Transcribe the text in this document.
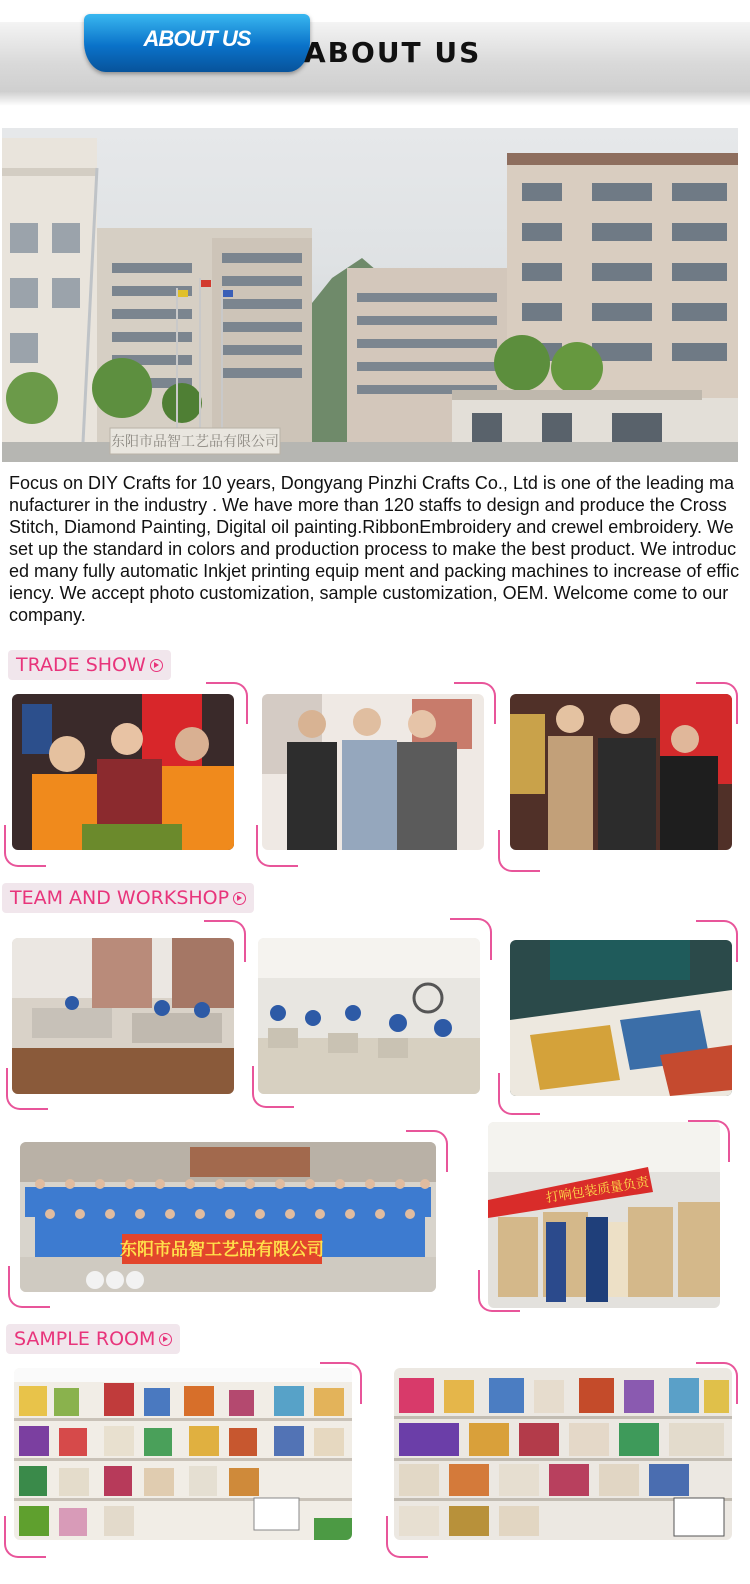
ABOUT US	ABOUT US
东阳市品智工艺品有限公司
Focus on DIY Crafts for 10 years, Dongyang Pinzhi Crafts Co., Ltd is one of the leading manufacturer in the industry . We have more than 120 staffs to design and produce the Cross Stitch, Diamond Painting, Digital oil painting.RibbonEmbroidery and crewel embroidery. We set up the standard in colors and production process to make the best product. We introduced many fully automatic Inkjet printing equip ment and packing machines to increase of efficiency. We accept photo customization, sample customization, OEM. Welcome come to our company.
TRADE SHOW
TEAM AND WORKSHOP
东阳市品智工艺品有限公司
打响包装质量负责
SAMPLE ROOM
